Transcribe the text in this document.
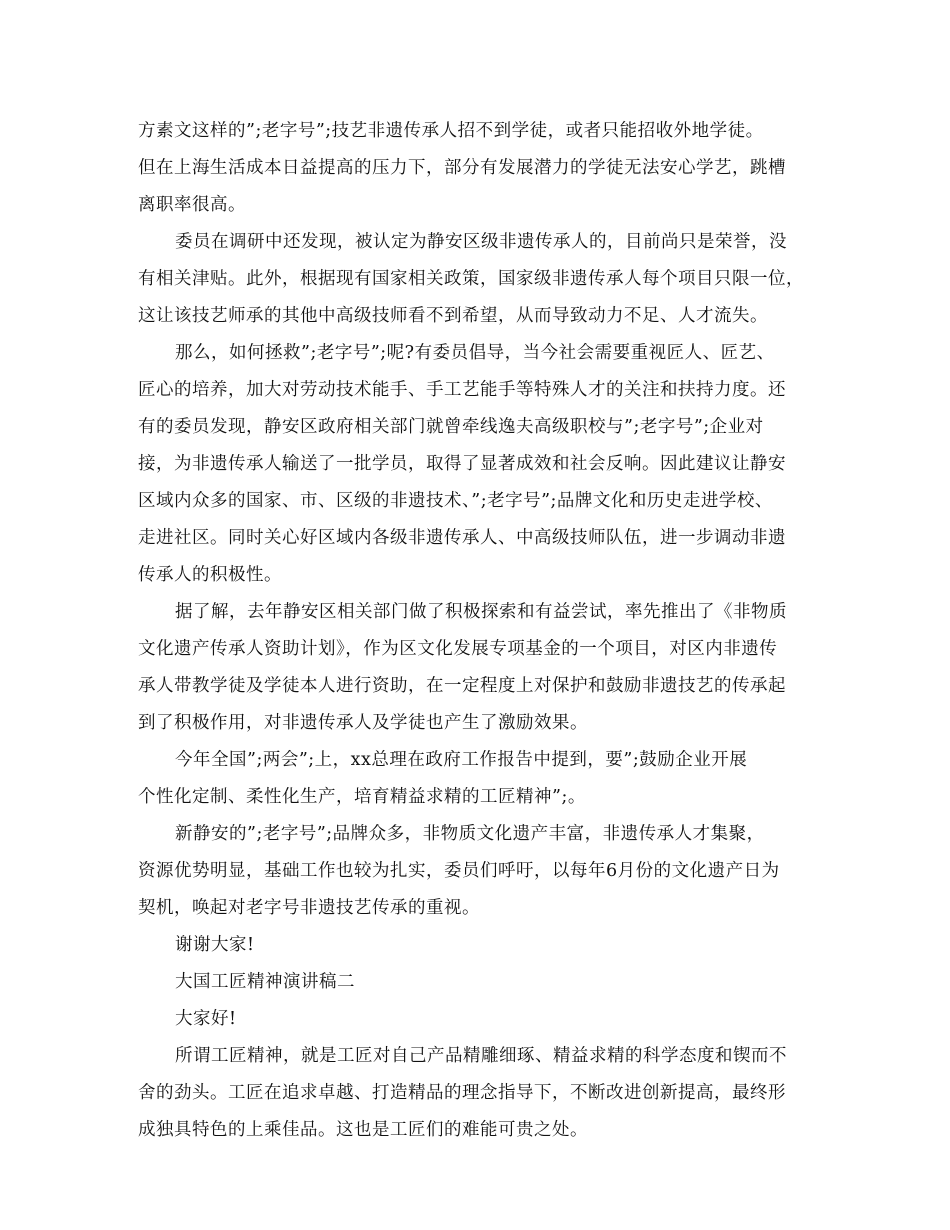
方素文这样的”;老字号”;技艺非遗传承人招不到学徒，或者只能招收外地学徒。
但在上海生活成本日益提高的压力下，部分有发展潜力的学徒无法安心学艺，跳槽
离职率很高。

委员在调研中还发现，被认定为静安区级非遗传承人的，目前尚只是荣誉，没
有相关津贴。此外，根据现有国家相关政策，国家级非遗传承人每个项目只限一位，
这让该技艺师承的其他中高级技师看不到希望，从而导致动力不足、人才流失。

那么，如何拯救”;老字号”;呢?有委员倡导，当今社会需要重视匠人、匠艺、
匠心的培养，加大对劳动技术能手、手工艺能手等特殊人才的关注和扶持力度。还
有的委员发现，静安区政府相关部门就曾牵线逸夫高级职校与”;老字号”;企业对
接，为非遗传承人输送了一批学员，取得了显著成效和社会反响。因此建议让静安
区域内众多的国家、市、区级的非遗技术、”;老字号”;品牌文化和历史走进学校、
走进社区。同时关心好区域内各级非遗传承人、中高级技师队伍，进一步调动非遗
传承人的积极性。

据了解，去年静安区相关部门做了积极探索和有益尝试，率先推出了《非物质
文化遗产传承人资助计划》，作为区文化发展专项基金的一个项目，对区内非遗传
承人带教学徒及学徒本人进行资助，在一定程度上对保护和鼓励非遗技艺的传承起
到了积极作用，对非遗传承人及学徒也产生了激励效果。

今年全国”;两会”;上，xx总理在政府工作报告中提到，要”;鼓励企业开展
个性化定制、柔性化生产，培育精益求精的工匠精神”;。

新静安的”;老字号”;品牌众多，非物质文化遗产丰富，非遗传承人才集聚，
资源优势明显，基础工作也较为扎实，委员们呼吁，以每年6月份的文化遗产日为
契机，唤起对老字号非遗技艺传承的重视。

谢谢大家!

大国工匠精神演讲稿二

大家好!

所谓工匠精神，就是工匠对自己产品精雕细琢、精益求精的科学态度和锲而不
舍的劲头。工匠在追求卓越、打造精品的理念指导下，不断改进创新提高，最终形
成独具特色的上乘佳品。这也是工匠们的难能可贵之处。
